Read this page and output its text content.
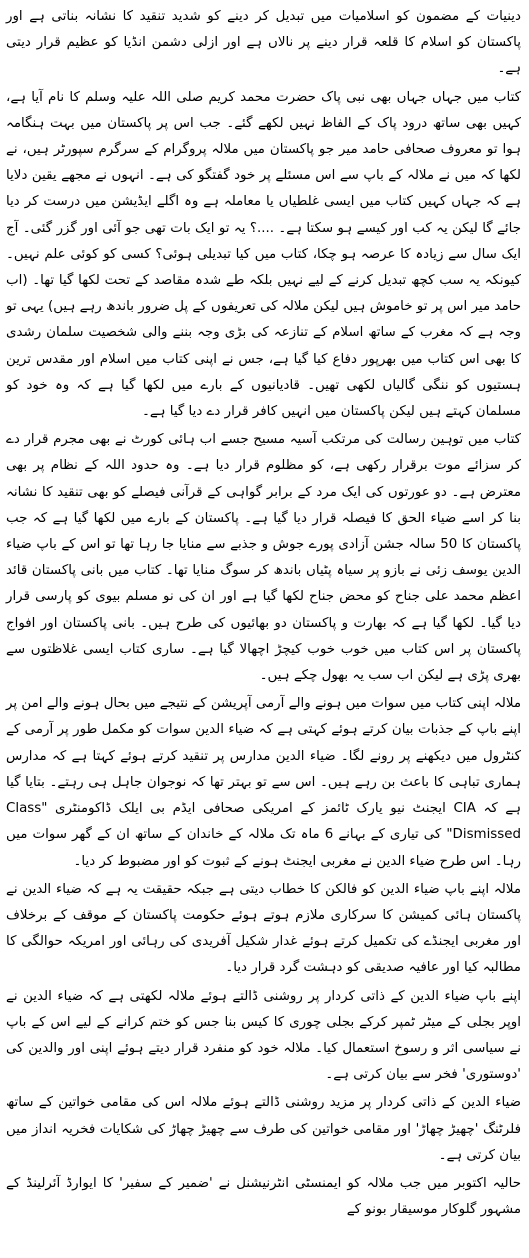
دینیات کے مضمون کو اسلامیات میں تبدیل کر دینے کو شدید تنقید کا نشانہ بناتی ہے اور پاکستان کو اسلام کا قلعہ قرار دینے پر نالاں ہے اور ازلی دشمن انڈیا کو عظیم قرار دیتی ہے۔

کتاب میں جہاں جہاں بھی نبی پاک حضرت محمد کریم صلی اللہ علیہ وسلم کا نام آیا ہے، کہیں بھی ساتھ درود پاک کے الفاظ نہیں لکھے گئے۔ جب اس پر پاکستان میں بہت ہنگامہ ہوا تو معروف صحافی حامد میر جو پاکستان میں ملالہ پروگرام کے سرگرم سپورٹر ہیں، نے لکھا کہ میں نے ملالہ کے باپ سے اس مسئلے پر خود گفتگو کی ہے۔ انہوں نے مجھے یقین دلایا ہے کہ جہاں کہیں کتاب میں ایسی غلطیاں یا معاملہ ہے وہ اگلے ایڈیشن میں درست کر دیا جائے گا لیکن یہ کب اور کیسے ہو سکتا ہے۔ ....؟ یہ تو ایک بات تھی جو آئی اور گزر گئی۔ آج ایک سال سے زیادہ کا عرصہ ہو چکا، کتاب میں کیا تبدیلی ہوئی؟ کسی کو کوئی علم نہیں۔ کیونکہ یہ سب کچھ تبدیل کرنے کے لیے نہیں بلکہ طے شدہ مقاصد کے تحت لکھا گیا تھا۔ (اب حامد میر اس پر تو خاموش ہیں لیکن ملالہ کی تعریفوں کے پل ضرور باندھ رہے ہیں) یہی تو وجہ ہے کہ مغرب کے ساتھ اسلام کے تنازعہ کی بڑی وجہ بننے والی شخصیت سلمان رشدی کا بھی اس کتاب میں بھرپور دفاع کیا گیا ہے، جس نے اپنی کتاب میں اسلام اور مقدس ترین ہستیوں کو ننگی گالیاں لکھی تھیں۔ قادیانیوں کے بارے میں لکھا گیا ہے کہ وہ خود کو مسلمان کہتے ہیں لیکن پاکستان میں انہیں کافر قرار دے دیا گیا ہے۔

کتاب میں توہین رسالت کی مرتکب آسیہ مسیح جسے اب ہائی کورٹ نے بھی مجرم قرار دے کر سزائے موت برقرار رکھی ہے، کو مظلوم قرار دیا ہے۔ وہ حدود اللہ کے نظام پر بھی معترض ہے۔ دو عورتوں کی ایک مرد کے برابر گواہی کے قرآنی فیصلے کو بھی تنقید کا نشانہ بنا کر اسے ضیاء الحق کا فیصلہ قرار دیا گیا ہے۔ پاکستان کے بارے میں لکھا گیا ہے کہ جب پاکستان کا 50 سالہ جشن آزادی پورے جوش و جذبے سے منایا جا رہا تھا تو اس کے باپ ضیاء الدین یوسف زئی نے بازو پر سیاہ پٹیاں باندھ کر سوگ منایا تھا۔ کتاب میں بانی پاکستان قائد اعظم محمد علی جناح کو محض جناح لکھا گیا ہے اور ان کی نو مسلم بیوی کو پارسی قرار دیا گیا۔ لکھا گیا ہے کہ بھارت و پاکستان دو بھائیوں کی طرح ہیں۔ بانی پاکستان اور افواج پاکستان پر اس کتاب میں خوب خوب کیچڑ اچھالا گیا ہے۔ ساری کتاب ایسی غلاظتوں سے بھری پڑی ہے لیکن اب سب یہ بھول چکے ہیں۔

ملالہ اپنی کتاب میں سوات میں ہونے والے آرمی آپریشن کے نتیجے میں بحال ہونے والے امن پر اپنے باپ کے جذبات بیان کرتے ہوئے کہتی ہے کہ ضیاء الدین سوات کو مکمل طور پر آرمی کے کنٹرول میں دیکھنے پر رونے لگا۔ ضیاء الدین مدارس پر تنقید کرتے ہوئے کہتا ہے کہ مدارس ہماری تباہی کا باعث بن رہے ہیں۔ اس سے تو بہتر تھا کہ نوجوان جاہل ہی رہتے۔ بتایا گیا ہے کہ CIA ایجنٹ نیو یارک ٹائمز کے امریکی صحافی ایڈم بی ایلک ڈاکومنٹری "Class Dismissed" کی تیاری کے بہانے 6 ماہ تک ملالہ کے خاندان کے ساتھ ان کے گھر سوات میں رہا۔ اس طرح ضیاء الدین نے مغربی ایجنٹ ہونے کے ثبوت کو اور مضبوط کر دیا۔

ملالہ اپنے باپ ضیاء الدین کو فالکن کا خطاب دیتی ہے جبکہ حقیقت یہ ہے کہ ضیاء الدین نے پاکستان ہائی کمیشن کا سرکاری ملازم ہوتے ہوئے حکومت پاکستان کے موقف کے برخلاف اور مغربی ایجنڈے کی تکمیل کرتے ہوئے غدار شکیل آفریدی کی رہائی اور امریکہ حوالگی کا مطالبہ کیا اور عافیہ صدیقی کو دہشت گرد قرار دیا۔

اپنے باپ ضیاء الدین کے ذاتی کردار پر روشنی ڈالتے ہوئے ملالہ لکھتی ہے کہ ضیاء الدین نے اوپر بجلی کے میٹر ٹمپر کرکے بجلی چوری کا کیس بنا جس کو ختم کرانے کے لیے اس کے باپ نے سیاسی اثر و رسوخ استعمال کیا۔ ملالہ خود کو منفرد قرار دیتے ہوئے اپنی اور والدین کی 'دوستوری' فخر سے بیان کرتی ہے۔

ضیاء الدین کے ذاتی کردار پر مزید روشنی ڈالتے ہوئے ملالہ اس کی مقامی خواتین کے ساتھ فلرٹنگ 'چھیڑ چھاڑ' اور مقامی خواتین کی طرف سے چھیڑ چھاڑ کی شکایات فخریہ انداز میں بیان کرتی ہے۔

حالیہ اکتوبر میں جب ملالہ کو ایمنسٹی انٹرنیشنل نے 'ضمیر کے سفیر' کا ایوارڈ آئرلینڈ کے مشہور گلوکار موسیقار بونو کے
